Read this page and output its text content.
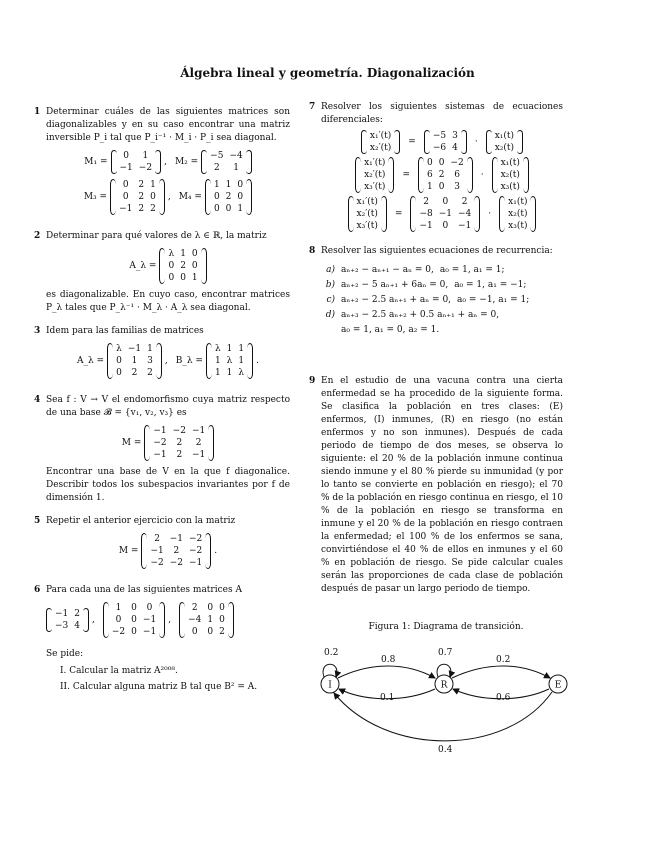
Álgebra lineal y geometría. Diagonalización
1 Determinar cuáles de las siguientes matrices son diagonalizables y en su caso encontrar una matriz inversible P_i tal que P_i⁻¹ · M_i · P_i sea diagonal.
M₁ =
0	1
−1	−2
, M₂ =
−5	−4
2	1
M₃ =
0	2	1
0	2	0
−1	2	2
, M₄ =
1	1	0
0	2	0
0	0	1
2 Determinar para qué valores de λ ∈ ℝ, la matriz
A_λ =
λ	1	0
0	2	0
0	0	1
es diagonalizable. En cuyo caso, encontrar matrices P_λ tales que P_λ⁻¹ · M_λ · A_λ sea diagonal.
3 Idem para las familias de matrices
A_λ =
λ	−1	1
0	1	3
0	2	2
, B_λ =
λ	1	1
1	λ	1
1	1	λ
.
4 Sea f : V → V el endomorfismo cuya matriz respecto de una base 𝓑 = {v₁, v₂, v₃} es
M =
−1	−2	−1
−2	2	2
−1	2	−1
Encontrar una base de V en la que f diagonalice. Describir todos los subespacios invariantes por f de dimensión 1.
5 Repetir el anterior ejercicio con la matriz
M =
2	−1	−2
−1	2	−2
−2	−2	−1
.
6 Para cada una de las siguientes matrices A
−1	2
−3	4
,
1	0	0
0	0	−1
−2	0	−1
,
2	0	0
−4	1	0
0	0	2
Se pide:
I. Calcular la matriz A²⁰⁰⁸.
II. Calcular alguna matriz B tal que B² = A.
7 Resolver los siguientes sistemas de ecuaciones diferenciales:
x₁′(t)
x₂′(t)
=
−5	3
−6	4
·
x₁(t)
x₂(t)
x₁′(t)
x₂′(t)
x₃′(t)
=
0	0	−2
6	2	6
1	0	3
·
x₁(t)
x₂(t)
x₃(t)
x₁′(t)
x₂′(t)
x₃′(t)
=
2	0	2
−8	−1	−4
−1	0	−1
·
x₁(t)
x₂(t)
x₃(t)
8 Resolver las siguientes ecuaciones de recurrencia:
a) aₙ₊₂ − aₙ₊₁ − aₙ = 0, a₀ = 1, a₁ = 1;
b) aₙ₊₂ − 5 aₙ₊₁ + 6aₙ = 0, a₀ = 1, a₁ = −1;
c) aₙ₊₂ − 2.5 aₙ₊₁ + aₙ = 0, a₀ = −1, a₁ = 1;
d) aₙ₊₃ − 2.5 aₙ₊₂ + 0.5 aₙ₊₁ + aₙ = 0,
a₀ = 1, a₁ = 0, a₂ = 1.
9 En el estudio de una vacuna contra una cierta enfermedad se ha procedido de la siguiente forma. Se clasifica la población en tres clases: (E) enfermos, (I) inmunes, (R) en riesgo (no están enfermos y no son inmunes). Después de cada periodo de tiempo de dos meses, se observa lo siguiente: el 20 % de la población inmune continua siendo inmune y el 80 % pierde su inmunidad (y por lo tanto se convierte en población en riesgo); el 70 % de la población en riesgo continua en riesgo, el 10 % de la población en riesgo se transforma en inmune y el 20 % de la población en riesgo contraen la enfermedad; el 100 % de los enfermos se sana, convirtiéndose el 40 % de ellos en inmunes y el 60 % en población de riesgo. Se pide calcular cuales serán las proporciones de cada clase de población después de pasar un largo periodo de tiempo.
Figura 1: Diagrama de transición.
I	R	E
0.2
0.8
0.7
0.2
0.1	0.6
0.4
